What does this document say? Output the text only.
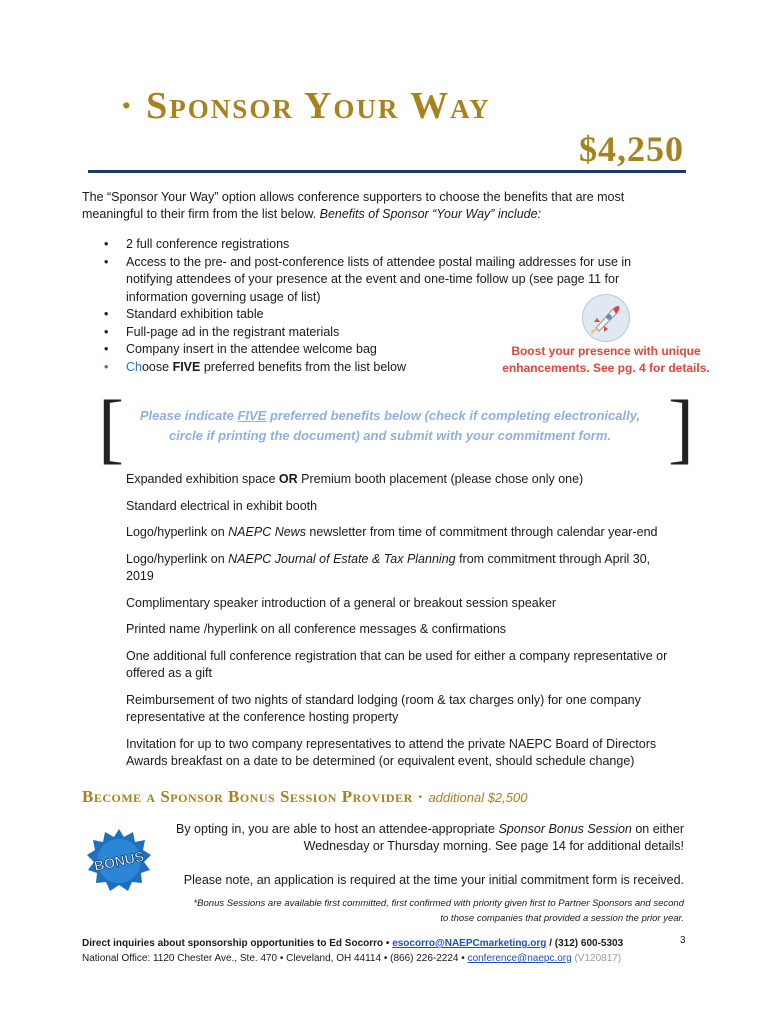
· Sponsor Your Way
$4,250
The “Sponsor Your Way” option allows conference supporters to choose the benefits that are most
meaningful to their firm from the list below. Benefits of Sponsor “Your Way” include:
• 2 full conference registrations
• Access to the pre- and post-conference lists of attendee postal mailing addresses for use in notifying attendees of your presence at the event and one-time follow up (see page 11 for information governing usage of list)
• Standard exhibition table
• Full-page ad in the registrant materials
• Company insert in the attendee welcome bag
• Choose FIVE preferred benefits from the list below
Boost your presence with unique
enhancements. See pg. 4 for details.
[	]
Please indicate FIVE preferred benefits below (check if completing electronically,
circle if printing the document) and submit with your commitment form.

Expanded exhibition space OR Premium booth placement (please chose only one)

Standard electrical in exhibit booth

Logo/hyperlink on NAEPC News newsletter from time of commitment through calendar year-end

Logo/hyperlink on NAEPC Journal of Estate & Tax Planning from commitment through April 30, 2019

Complimentary speaker introduction of a general or breakout session speaker

Printed name /hyperlink on all conference messages & confirmations

One additional full conference registration that can be used for either a company representative or offered as a gift

Reimbursement of two nights of standard lodging (room & tax charges only) for one company representative at the conference hosting property

Invitation for up to two company representatives to attend the private NAEPC Board of Directors Awards breakfast on a date to be determined (or equivalent event, should schedule change)

Become a Sponsor Bonus Session Provider · additional $2,500
BONUS
By opting in, you are able to host an attendee-appropriate Sponsor Bonus Session on either
Wednesday or Thursday morning. See page 14 for additional details!
Please note, an application is required at the time your initial commitment form is received.
*Bonus Sessions are available first committed, first confirmed with priority given first to Partner Sponsors and second
to those companies that provided a session the prior year.
3
Direct inquiries about sponsorship opportunities to Ed Socorro • esocorro@NAEPCmarketing.org / (312) 600-5303
National Office: 1120 Chester Ave., Ste. 470 • Cleveland, OH 44114 • (866) 226-2224 • conference@naepc.org (V120817)
